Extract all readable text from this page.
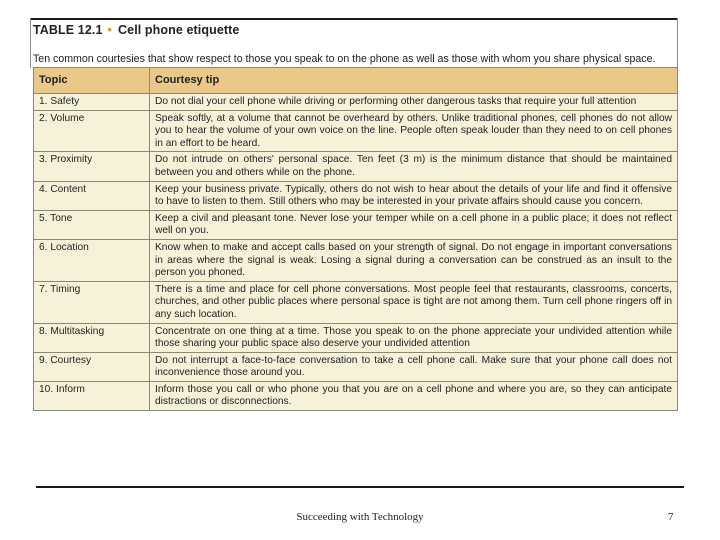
TABLE 12.1 • Cell phone etiquette
Ten common courtesies that show respect to those you speak to on the phone as well as those with whom you share physical space.
Topic	Courtesy tip
1. Safety	Do not dial your cell phone while driving or performing other dangerous tasks that require your full attention
2. Volume	Speak softly, at a volume that cannot be overheard by others. Unlike traditional phones, cell phones do not allow you to hear the volume of your own voice on the line. People often speak louder than they need to on cell phones in an effort to be heard.
3. Proximity	Do not intrude on others' personal space. Ten feet (3 m) is the minimum distance that should be maintained between you and others while on the phone.
4. Content	Keep your business private. Typically, others do not wish to hear about the details of your life and find it offensive to have to listen to them. Still others who may be interested in your private affairs should cause you concern.
5. Tone	Keep a civil and pleasant tone. Never lose your temper while on a cell phone in a public place; it does not reflect well on you.
6. Location	Know when to make and accept calls based on your strength of signal. Do not engage in important conversations in areas where the signal is weak. Losing a signal during a conversation can be construed as an insult to the person you phoned.
7. Timing	There is a time and place for cell phone conversations. Most people feel that restaurants, classrooms, concerts, churches, and other public places where personal space is tight are not among them. Turn cell phone ringers off in any such location.
8. Multitasking	Concentrate on one thing at a time. Those you speak to on the phone appreciate your undivided attention while those sharing your public space also deserve your undivided attention
9. Courtesy	Do not interrupt a face-to-face conversation to take a cell phone call. Make sure that your phone call does not inconvenience those around you.
10. Inform	Inform those you call or who phone you that you are on a cell phone and where you are, so they can anticipate distractions or disconnections.
Succeeding with Technology	7
